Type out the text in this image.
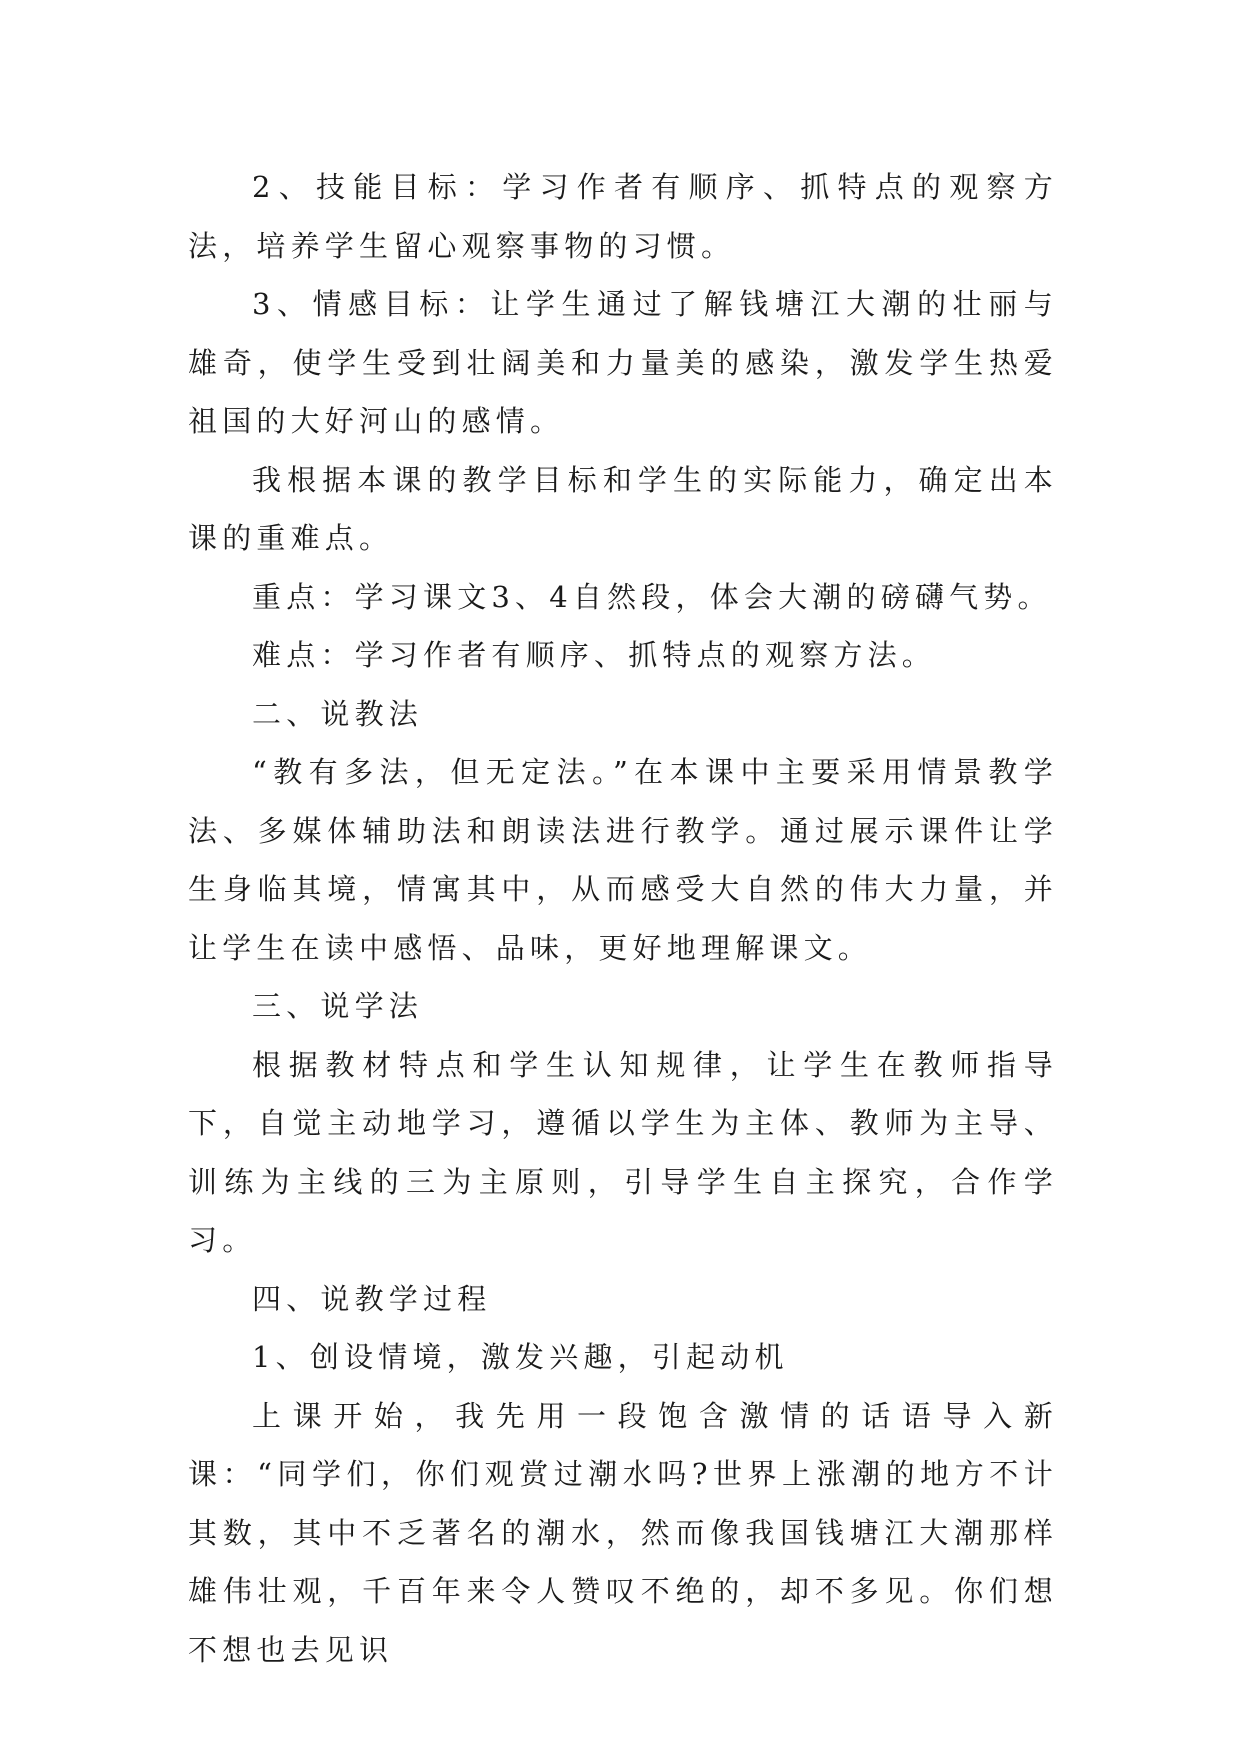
2、技能目标：学习作者有顺序、抓特点的观察方法，培养学生留心观察事物的习惯。

3、情感目标：让学生通过了解钱塘江大潮的壮丽与雄奇，使学生受到壮阔美和力量美的感染，激发学生热爱祖国的大好河山的感情。

我根据本课的教学目标和学生的实际能力，确定出本课的重难点。

重点：学习课文3、4自然段，体会大潮的磅礴气势。

难点：学习作者有顺序、抓特点的观察方法。

二、说教法

“教有多法，但无定法。”在本课中主要采用情景教学法、多媒体辅助法和朗读法进行教学。通过展示课件让学生身临其境，情寓其中，从而感受大自然的伟大力量，并让学生在读中感悟、品味，更好地理解课文。

三、说学法

根据教材特点和学生认知规律，让学生在教师指导下，自觉主动地学习，遵循以学生为主体、教师为主导、训练为主线的三为主原则，引导学生自主探究，合作学习。

四、说教学过程

1、创设情境，激发兴趣，引起动机

上课开始，我先用一段饱含激情的话语导入新课：“同学们，你们观赏过潮水吗?世界上涨潮的地方不计其数，其中不乏著名的潮水，然而像我国钱塘江大潮那样雄伟壮观，千百年来令人赞叹不绝的，却不多见。你们想不想也去见识
